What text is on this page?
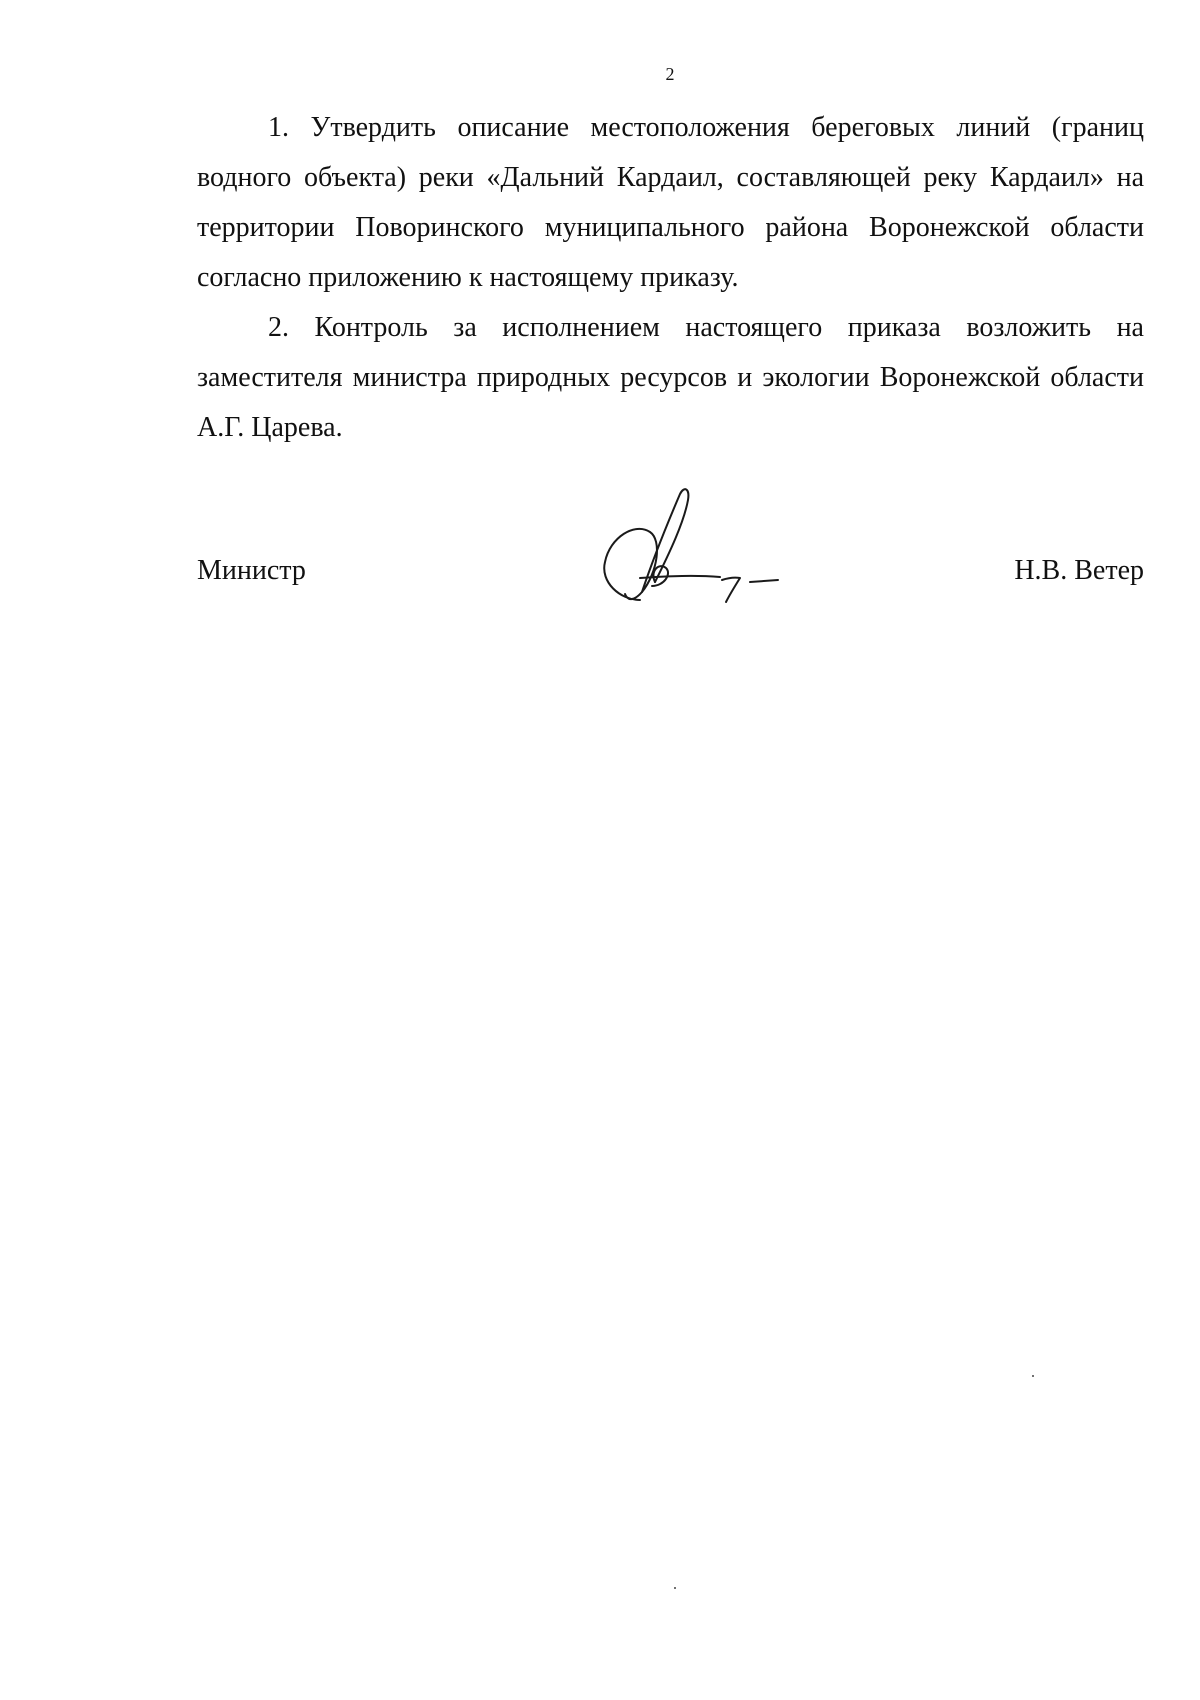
2

1. Утвердить описание местоположения береговых линий (границ водного объекта) реки «Дальний Кардаил, составляющей реку Кардаил» на территории Поворинского муниципального района Воронежской области согласно приложению к настоящему приказу.

2. Контроль за исполнением настоящего приказа возложить на заместителя министра природных ресурсов и экологии Воронежской области А.Г. Царева.

Министр	Н.В. Ветер
